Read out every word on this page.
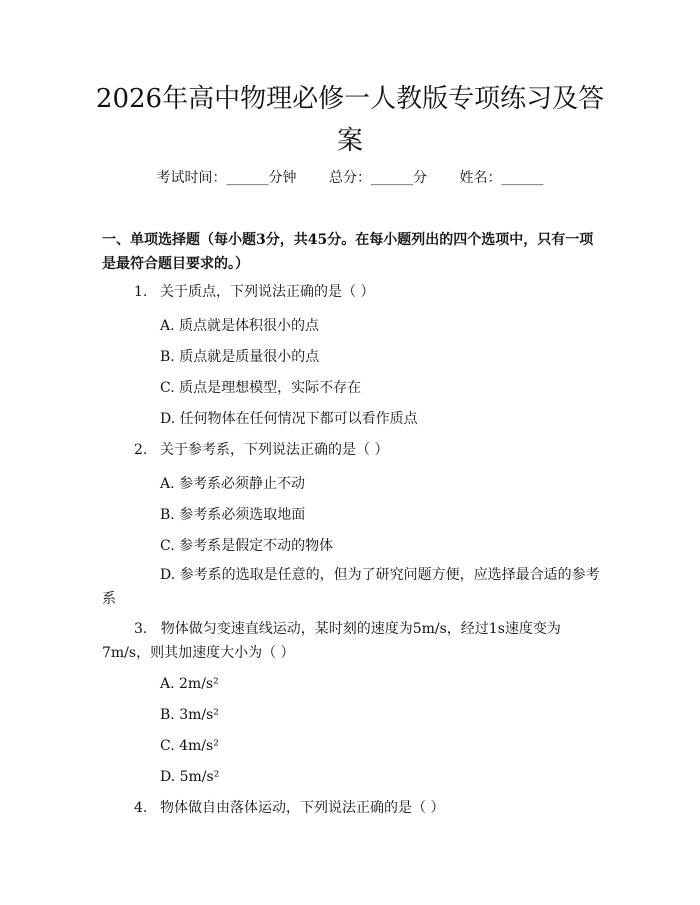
2026年高中物理必修一人教版专项练习及答案
考试时间：______分钟 总分：______分 姓名：______
一、单项选择题（每小题3分，共45分。在每小题列出的四个选项中，只有一项是最符合题目要求的。）
1. 关于质点，下列说法正确的是（ ）
A. 质点就是体积很小的点
B. 质点就是质量很小的点
C. 质点是理想模型，实际不存在
D. 任何物体在任何情况下都可以看作质点
2. 关于参考系，下列说法正确的是（ ）
A. 参考系必须静止不动
B. 参考系必须选取地面
C. 参考系是假定不动的物体
D. 参考系的选取是任意的，但为了研究问题方便，应选择最合适的参考系
3. 物体做匀变速直线运动，某时刻的速度为5m/s，经过1s速度变为7m/s，则其加速度大小为（ ）
A. 2m/s²
B. 3m/s²
C. 4m/s²
D. 5m/s²
4. 物体做自由落体运动，下列说法正确的是（ ）
